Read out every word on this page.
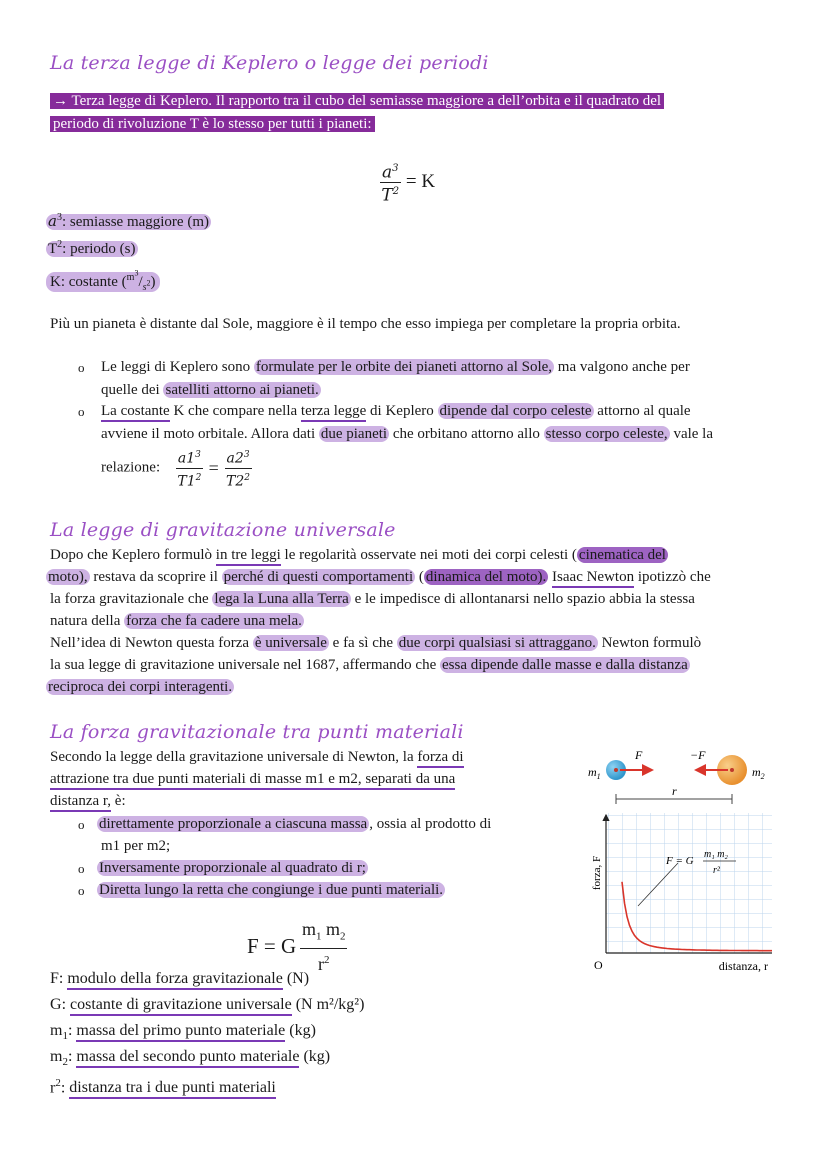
La terza legge di Keplero o legge dei periodi
→ Terza legge di Keplero. Il rapporto tra il cubo del semiasse maggiore a dell’orbita e il quadrato del
periodo di rivoluzione T è lo stesso per tutti i pianeti:
$\frac{a^3}{T^2} = K$
$a^3$: semiasse maggiore (m)
$T^2$: periodo (s)
K: costante $(^{m^3}/_{s^2})$
Più un pianeta è distante dal Sole, maggiore è il tempo che esso impiega per completare la propria orbita.
o Le leggi di Keplero sono formulate per le orbite dei pianeti attorno al Sole, ma valgono anche per
quelle dei satelliti attorno ai pianeti.
o La costante K che compare nella terza legge di Keplero dipende dal corpo celeste attorno al quale
avviene il moto orbitale. Allora dati due pianeti che orbitano attorno allo stesso corpo celeste, vale la
relazione: $\frac{a1^3}{T1^2} = \frac{a2^3}{T2^2}$
La legge di gravitazione universale
Dopo che Keplero formulò in tre leggi le regolarità osservate nei moti dei corpi celesti ( cinematica del
moto), restava da scoprire il perché di questi comportamenti ( dinamica del moto). Isaac Newton ipotizzò che
la forza gravitazionale che lega la Luna alla Terra e le impedisce di allontanarsi nello spazio abbia la stessa
natura della forza che fa cadere una mela.
Nell’idea di Newton questa forza è universale e fa sì che due corpi qualsiasi si attraggano. Newton formulò
la sua legge di gravitazione universale nel 1687, affermando che essa dipende dalle masse e dalla distanza
reciproca dei corpi interagenti.
La forza gravitazionale tra punti materiali
Secondo la legge della gravitazione universale di Newton, la forza di
attrazione tra due punti materiali di masse m1 e m2, separati da una
distanza r, è:
o direttamente proporzionale a ciascuna massa , ossia al prodotto di
m1 per m2;
o Inversamente proporzionale al quadrato di r;
o Diretta lungo la retta che congiunge i due punti materiali.
F = G $\frac{m_1 m_2}{r^2}$
F: modulo della forza gravitazionale (N)
G: costante di gravitazione universale (N m²/kg²)
$m_1$: massa del primo punto materiale (kg)
$m_2$: massa del secondo punto materiale (kg)
$r^2$: distanza tra i due punti materiali
$m_1$
F	−F
$m_2$
r
forza, F
O	distanza, r
F = G
m₁ m₂
r²
